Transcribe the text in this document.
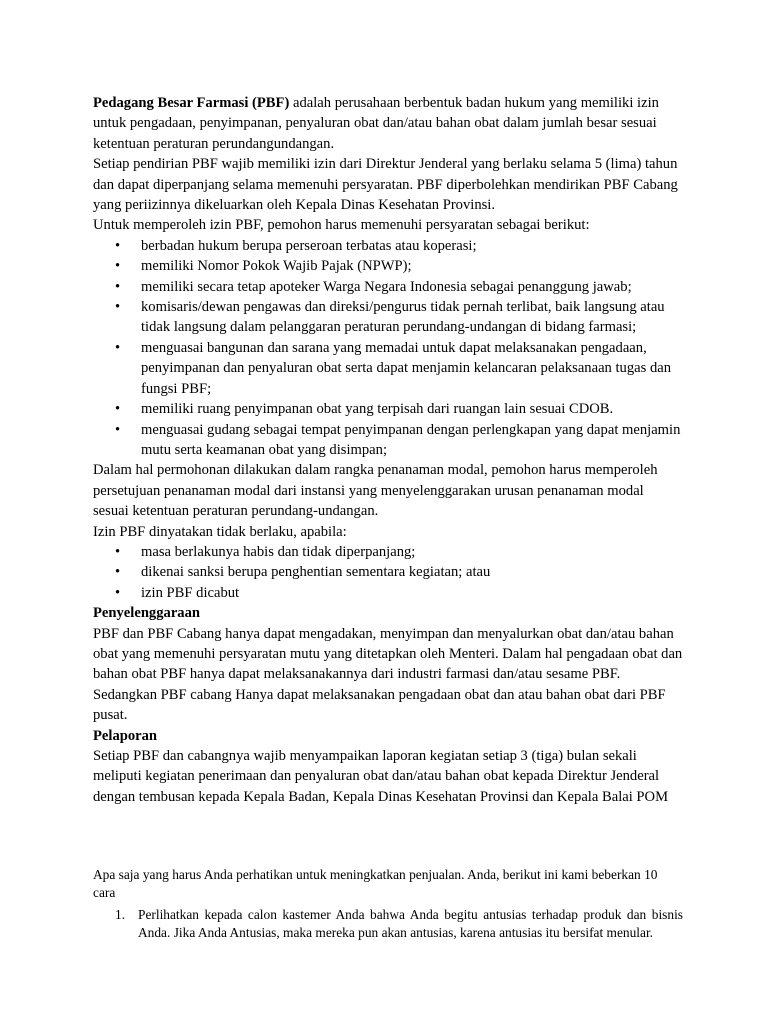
Pedagang Besar Farmasi (PBF) adalah perusahaan berbentuk badan hukum yang memiliki izin untuk pengadaan, penyimpanan, penyaluran obat dan/atau bahan obat dalam jumlah besar sesuai ketentuan peraturan perundangundangan.

Setiap pendirian PBF wajib memiliki izin dari Direktur Jenderal yang berlaku selama 5 (lima) tahun dan dapat diperpanjang selama memenuhi persyaratan. PBF diperbolehkan mendirikan PBF Cabang yang periizinnya dikeluarkan oleh Kepala Dinas Kesehatan Provinsi.

Untuk memperoleh izin PBF, pemohon harus memenuhi persyaratan sebagai berikut:

• berbadan hukum berupa perseroan terbatas atau koperasi;
• memiliki Nomor Pokok Wajib Pajak (NPWP);
• memiliki secara tetap apoteker Warga Negara Indonesia sebagai penanggung jawab;
• komisaris/dewan pengawas dan direksi/pengurus tidak pernah terlibat, baik langsung atau tidak langsung dalam pelanggaran peraturan perundang-undangan di bidang farmasi;
• menguasai bangunan dan sarana yang memadai untuk dapat melaksanakan pengadaan, penyimpanan dan penyaluran obat serta dapat menjamin kelancaran pelaksanaan tugas dan fungsi PBF;
• memiliki ruang penyimpanan obat yang terpisah dari ruangan lain sesuai CDOB.
• menguasai gudang sebagai tempat penyimpanan dengan perlengkapan yang dapat menjamin mutu serta keamanan obat yang disimpan;

Dalam hal permohonan dilakukan dalam rangka penanaman modal, pemohon harus memperoleh persetujuan penanaman modal dari instansi yang menyelenggarakan urusan penanaman modal sesuai ketentuan peraturan perundang-undangan.

Izin PBF dinyatakan tidak berlaku, apabila:

• masa berlakunya habis dan tidak diperpanjang;
• dikenai sanksi berupa penghentian sementara kegiatan; atau
• izin PBF dicabut

Penyelenggaraan

PBF dan PBF Cabang hanya dapat mengadakan, menyimpan dan menyalurkan obat dan/atau bahan obat yang memenuhi persyaratan mutu yang ditetapkan oleh Menteri. Dalam hal pengadaan obat dan bahan obat PBF hanya dapat melaksanakannya dari industri farmasi dan/atau sesame PBF. Sedangkan PBF cabang Hanya dapat melaksanakan pengadaan obat dan atau bahan obat dari PBF pusat.

Pelaporan

Setiap PBF dan cabangnya wajib menyampaikan laporan kegiatan setiap 3 (tiga) bulan sekali meliputi kegiatan penerimaan dan penyaluran obat dan/atau bahan obat kepada Direktur Jenderal dengan tembusan kepada Kepala Badan, Kepala Dinas Kesehatan Provinsi dan Kepala Balai POM

Apa saja yang harus Anda perhatikan untuk meningkatkan penjualan. Anda, berikut ini kami beberkan 10 cara

1. Perlihatkan kepada calon kastemer Anda bahwa Anda begitu antusias terhadap produk dan bisnis Anda. Jika Anda Antusias, maka mereka pun akan antusias, karena antusias itu bersifat menular.
